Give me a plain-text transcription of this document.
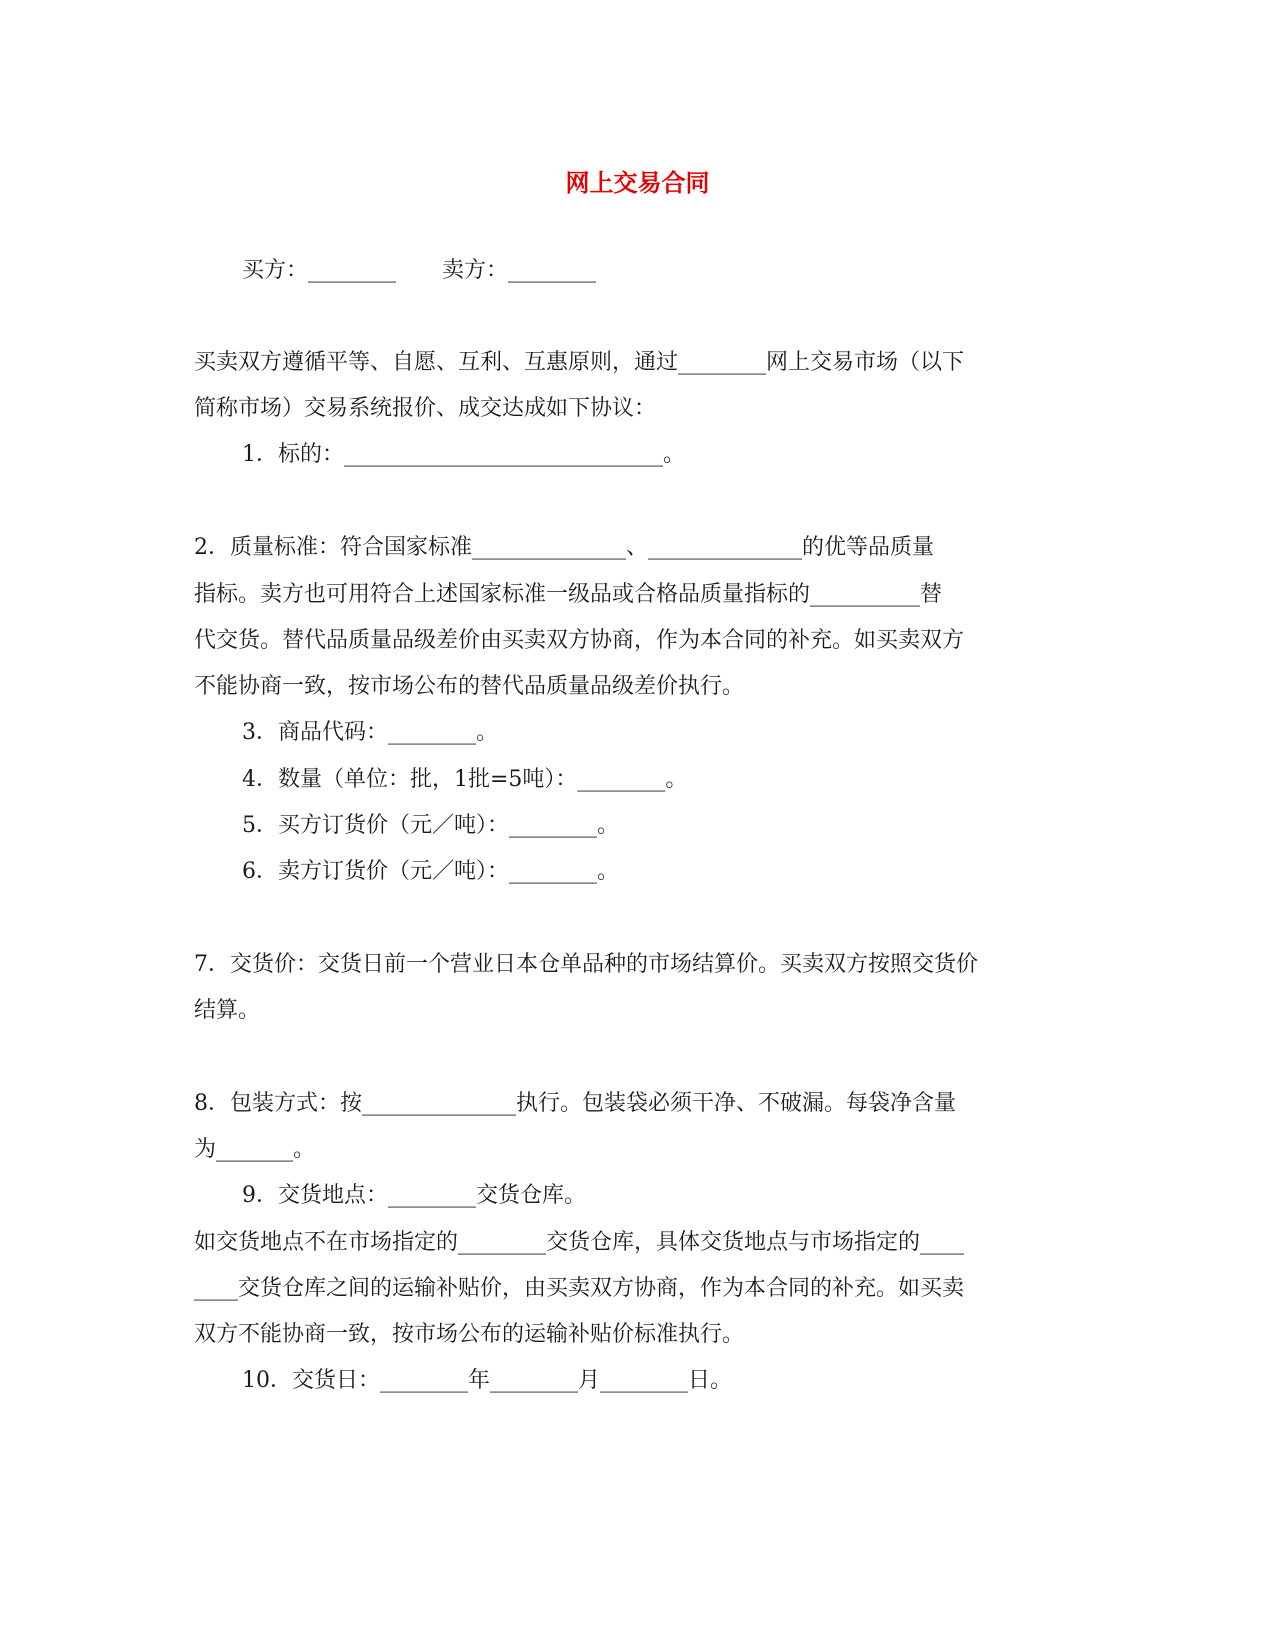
网上交易合同
买方：________ 卖方：________
买卖双方遵循平等、自愿、互利、互惠原则，通过________网上交易市场（以下
简称市场）交易系统报价、成交达成如下协议：
1．标的：_____________________________。
2．质量标准：符合国家标准______________、______________的优等品质量
指标。卖方也可用符合上述国家标准一级品或合格品质量指标的__________替
代交货。替代品质量品级差价由买卖双方协商，作为本合同的补充。如买卖双方
不能协商一致，按市场公布的替代品质量品级差价执行。
3．商品代码：________。
4．数量（单位：批，1批=5吨）：________。
5．买方订货价（元／吨）：________。
6．卖方订货价（元／吨）：________。
7．交货价：交货日前一个营业日本仓单品种的市场结算价。买卖双方按照交货价
结算。
8．包装方式：按______________执行。包装袋必须干净、不破漏。每袋净含量
为_______。
9．交货地点：________交货仓库。
如交货地点不在市场指定的________交货仓库，具体交货地点与市场指定的____
____交货仓库之间的运输补贴价，由买卖双方协商，作为本合同的补充。如买卖
双方不能协商一致，按市场公布的运输补贴价标准执行。
10．交货日：________年________月________日。
